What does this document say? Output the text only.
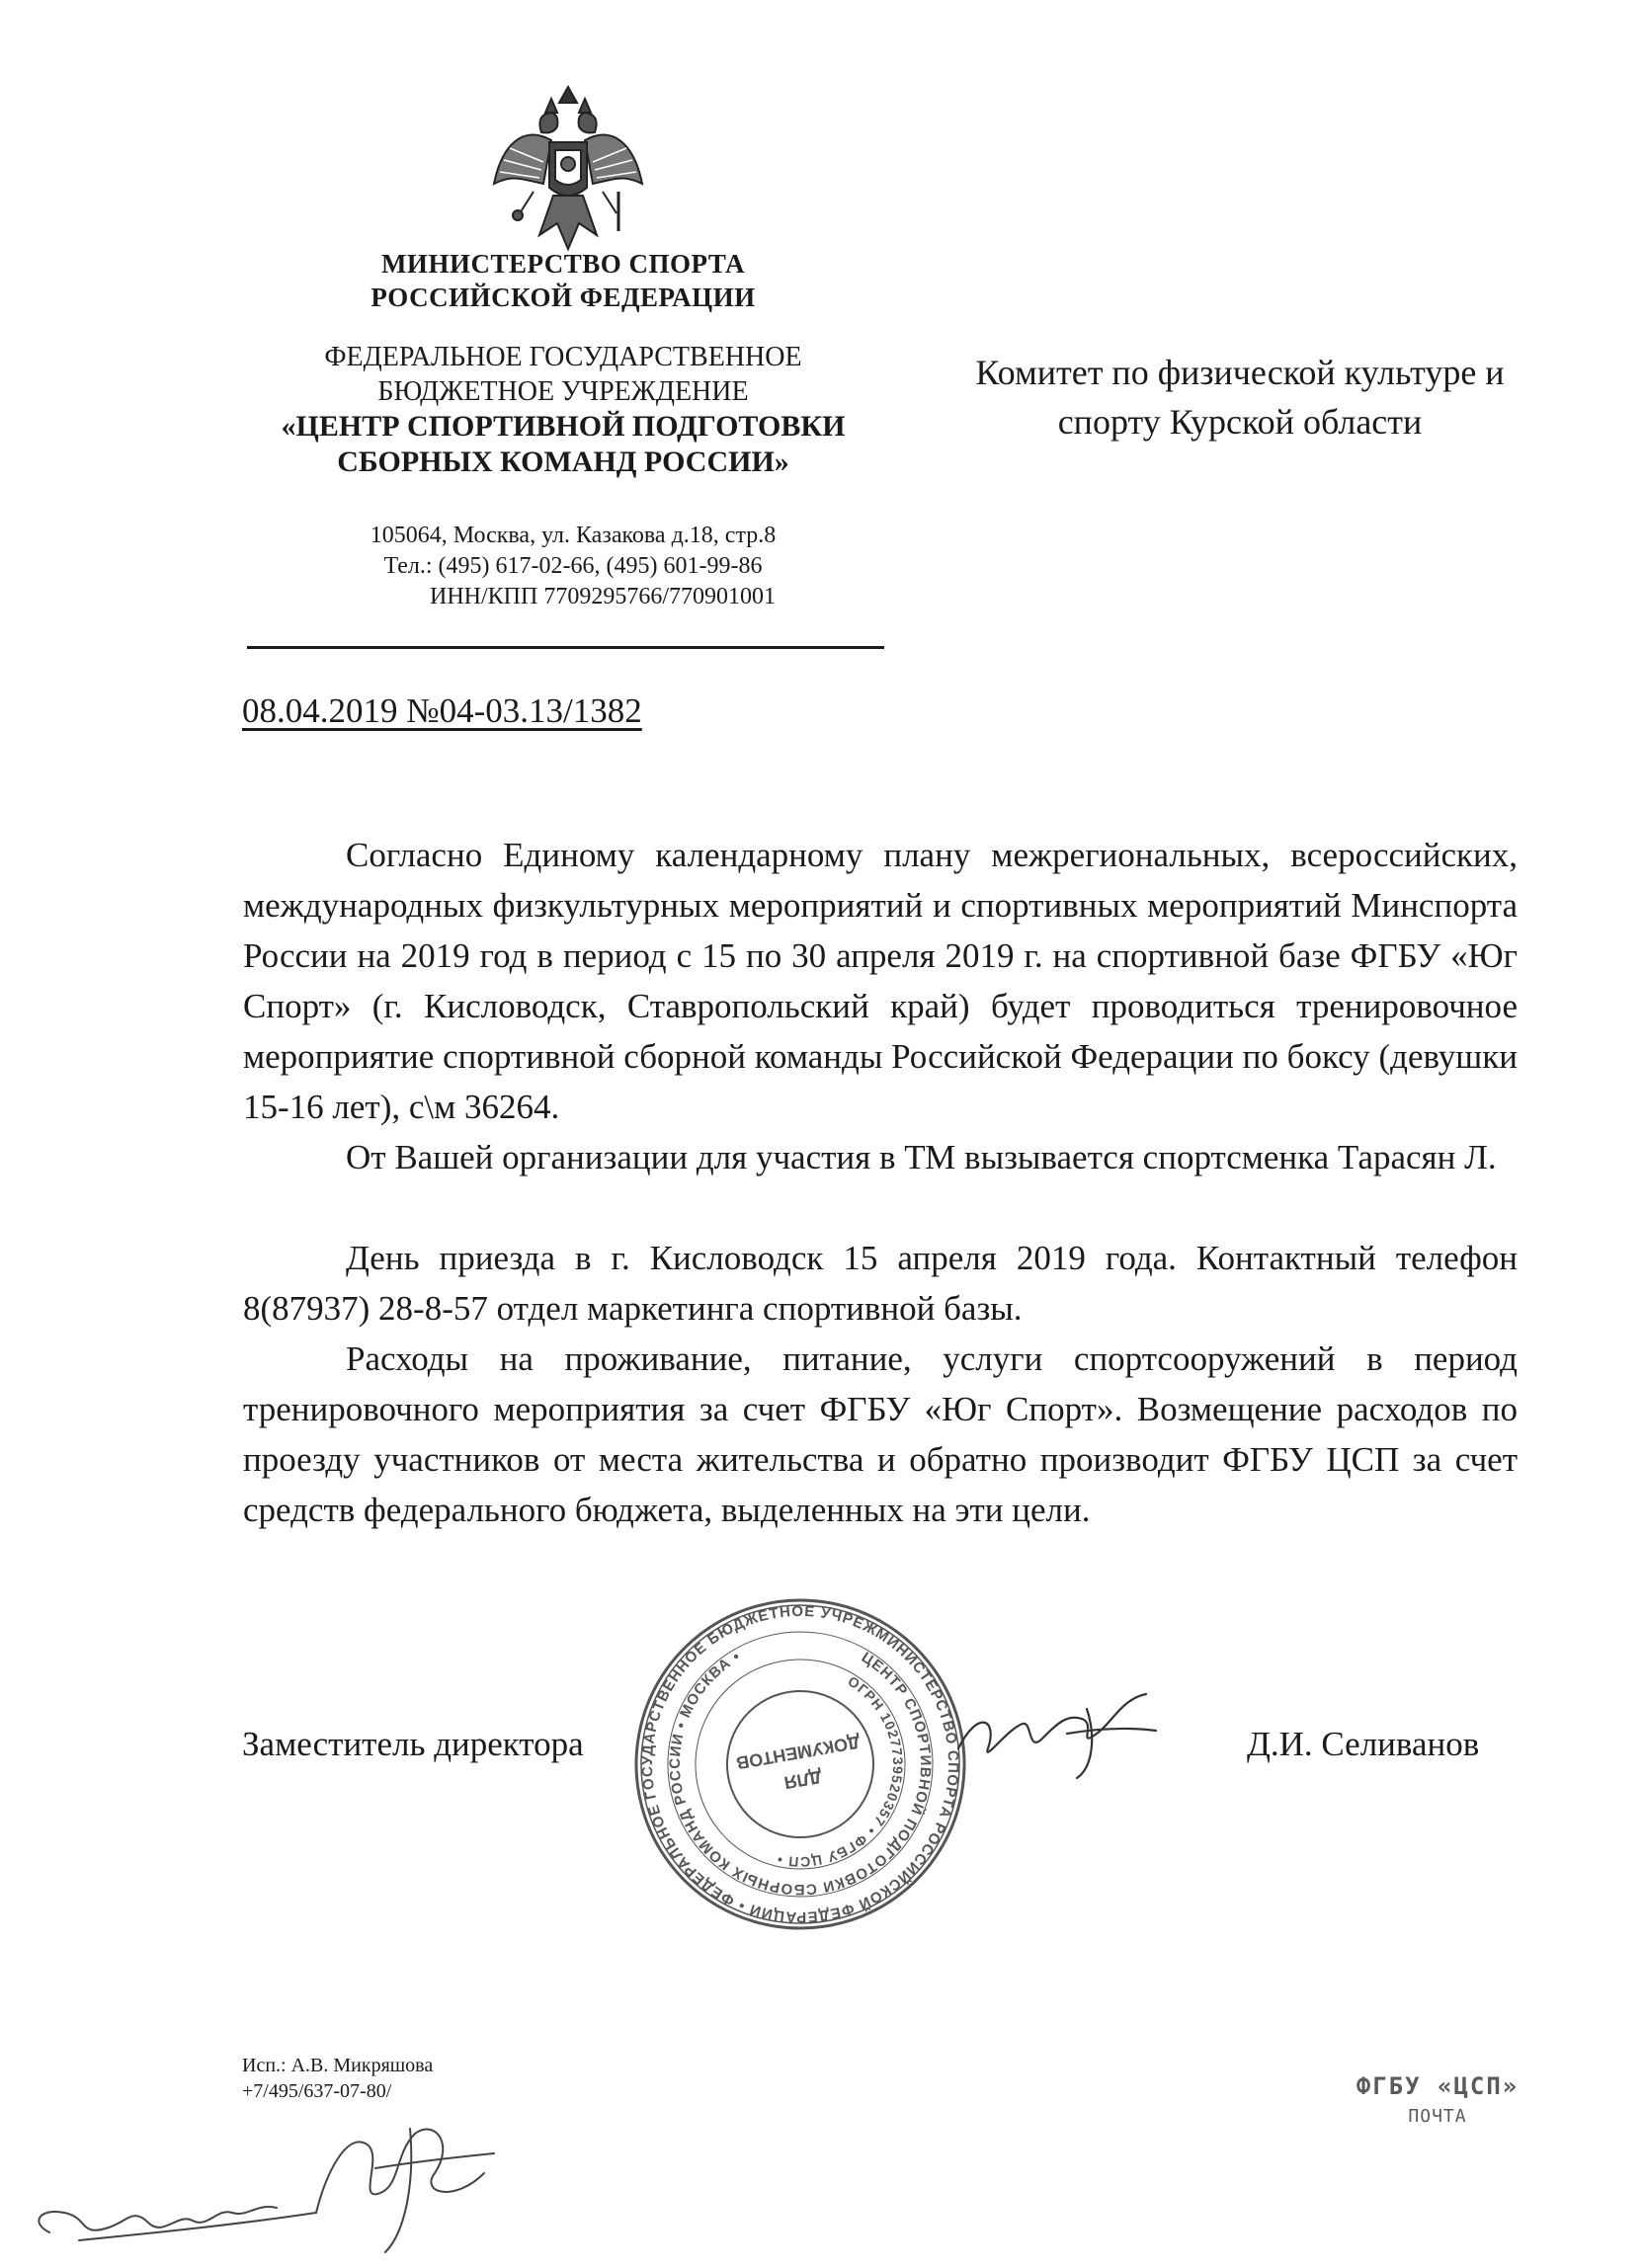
МИНИСТЕРСТВО СПОРТА
РОССИЙСКОЙ ФЕДЕРАЦИИ
ФЕДЕРАЛЬНОЕ ГОСУДАРСТВЕННОЕ
БЮДЖЕТНОЕ УЧРЕЖДЕНИЕ
«ЦЕНТР СПОРТИВНОЙ ПОДГОТОВКИ
СБОРНЫХ КОМАНД РОССИИ»
105064, Москва, ул. Казакова д.18, стр.8
Тел.: (495) 617-02-66, (495) 601-99-86
ИНН/КПП 7709295766/770901001
Комитет по физической культуре и
спорту Курской области
08.04.2019 №04-03.13/1382
Согласно Единому календарному плану межрегиональных, всероссийских, международных физкультурных мероприятий и спортивных мероприятий Минспорта России на 2019 год в период с 15 по 30 апреля 2019 г. на спортивной базе ФГБУ «Юг Спорт» (г. Кисловодск, Ставропольский край) будет проводиться тренировочное мероприятие спортивной сборной команды Российской Федерации по боксу (девушки 15-16 лет), с\м 36264.
От Вашей организации для участия в ТМ вызывается спортсменка Тарасян Л.
День приезда в г. Кисловодск 15 апреля 2019 года. Контактный телефон 8(87937) 28-8-57 отдел маркетинга спортивной базы.
Расходы на проживание, питание, услуги спортсооружений в период тренировочного мероприятия за счет ФГБУ «Юг Спорт». Возмещение расходов по проезду участников от места жительства и обратно производит ФГБУ ЦСП за счет средств федерального бюджета, выделенных на эти цели.
Заместитель директора	Д.И. Селиванов
МИНИСТЕРСТВО СПОРТА РОССИЙСКОЙ ФЕДЕРАЦИИ • ФЕДЕРАЛЬНОЕ ГОСУДАРСТВЕННОЕ БЮДЖЕТНОЕ УЧРЕЖДЕНИЕ
ЦЕНТР СПОРТИВНОЙ ПОДГОТОВКИ СБОРНЫХ КОМАНД РОССИИ • МОСКВА •
ОГРН 1027739520357 • ФГБУ ЦСП •
ДЛЯ
ДОКУМЕНТОВ
Исп.: А.В. Микряшова
+7/495/637-07-80/	ФГБУ «ЦСП»
ПОЧТА
